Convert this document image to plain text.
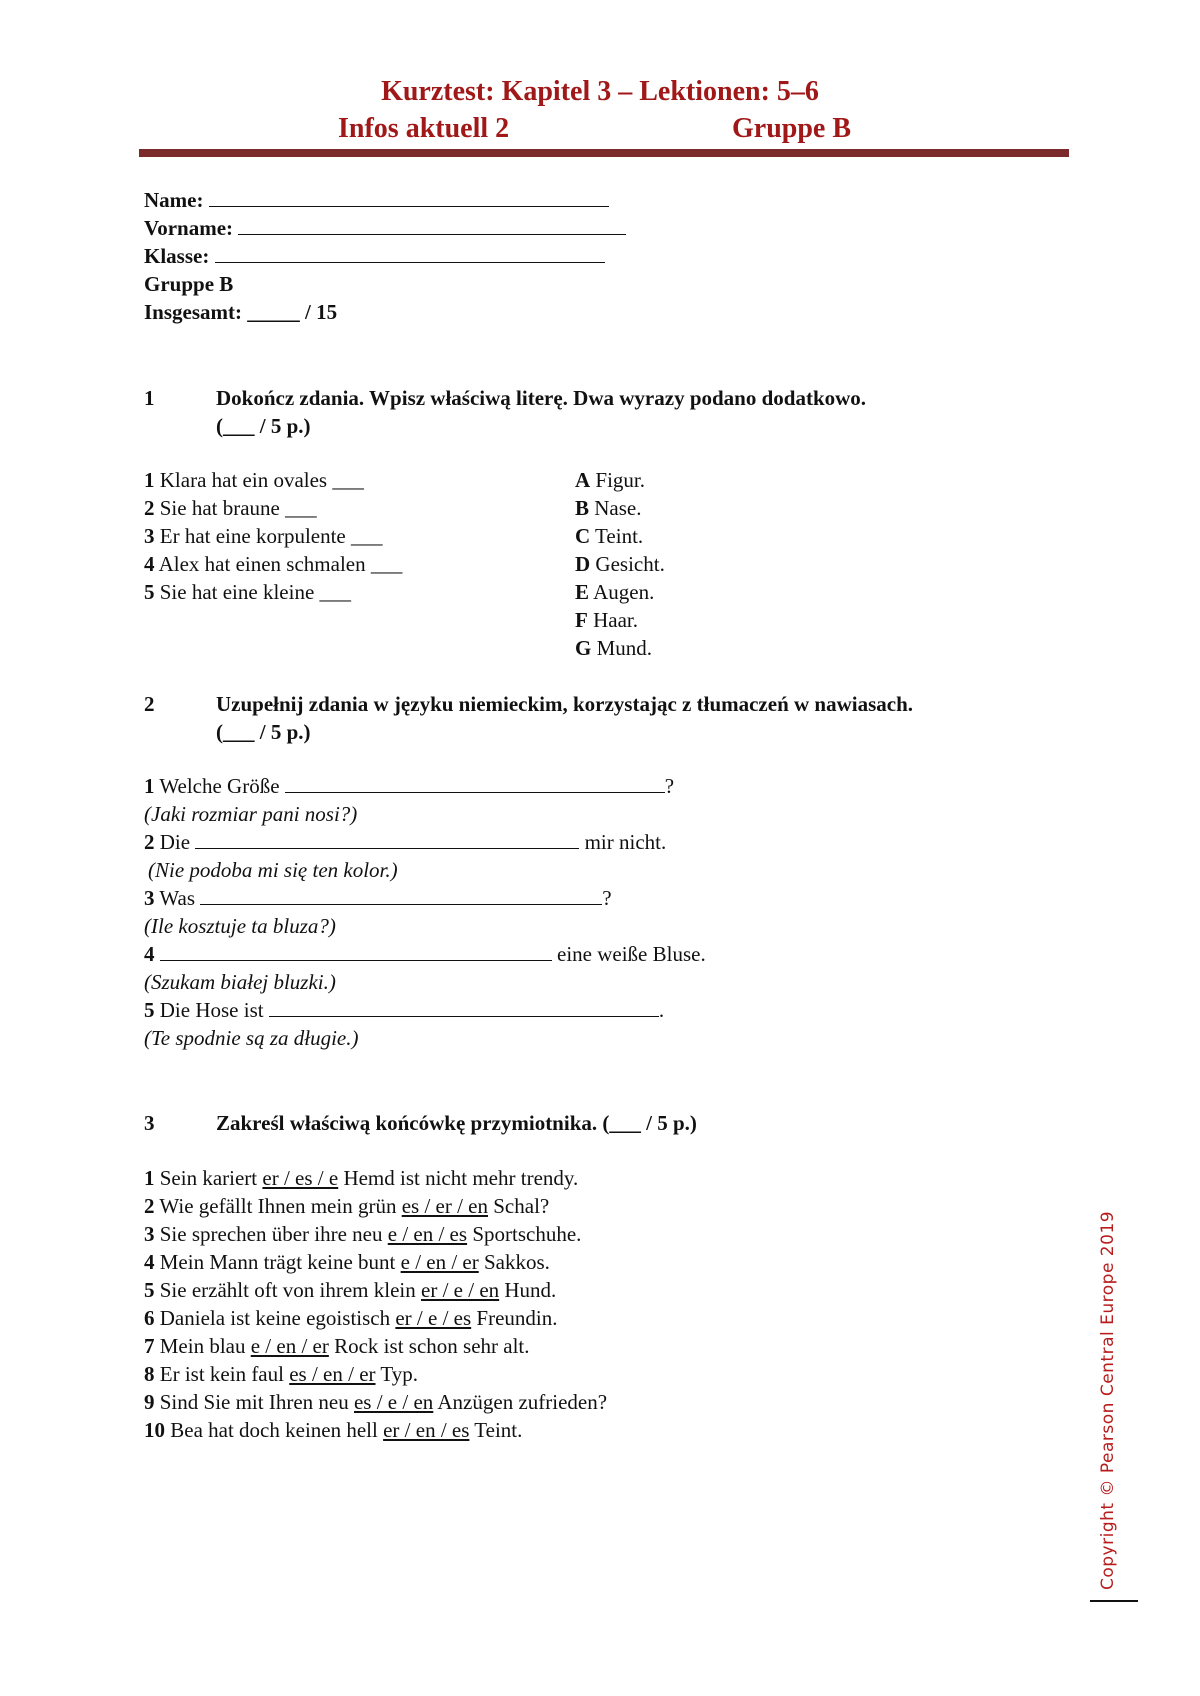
Kurztest: Kapitel 3 – Lektionen: 5–6
Infos aktuell 2	Gruppe B
Name:
Vorname:
Klasse:
Gruppe B
Insgesamt: _____ / 15
1	Dokończ zdania. Wpisz właściwą literę. Dwa wyrazy podano dodatkowo.
(___ / 5 p.)
1 Klara hat ein ovales ___
2 Sie hat braune ___
3 Er hat eine korpulente ___
4 Alex hat einen schmalen ___
5 Sie hat eine kleine ___
A Figur.
B Nase.
C Teint.
D Gesicht.
E Augen.
F Haar.
G Mund.
2	Uzupełnij zdania w języku niemieckim, korzystając z tłumaczeń w nawiasach.
(___ / 5 p.)
1 Welche Größe	?
(Jaki rozmiar pani nosi?)
2 Die	mir nicht.
(Nie podoba mi się ten kolor.)
3 Was	?
(Ile kosztuje ta bluza?)
4	eine weiße Bluse.
(Szukam białej bluzki.)
5 Die Hose ist	.
(Te spodnie są za długie.)
3	Zakreśl właściwą końcówkę przymiotnika. (___ / 5 p.)
1 Sein kariert er / es / e Hemd ist nicht mehr trendy.
2 Wie gefällt Ihnen mein grün es / er / en Schal?
3 Sie sprechen über ihre neu e / en / es Sportschuhe.
4 Mein Mann trägt keine bunt e / en / er Sakkos.
5 Sie erzählt oft von ihrem klein er / e / en Hund.
6 Daniela ist keine egoistisch er / e / es Freundin.
7 Mein blau e / en / er Rock ist schon sehr alt.
8 Er ist kein faul es / en / er Typ.
9 Sind Sie mit Ihren neu es / e / en Anzügen zufrieden?
10 Bea hat doch keinen hell er / en / es Teint.	Copyright © Pearson Central Europe 2019
